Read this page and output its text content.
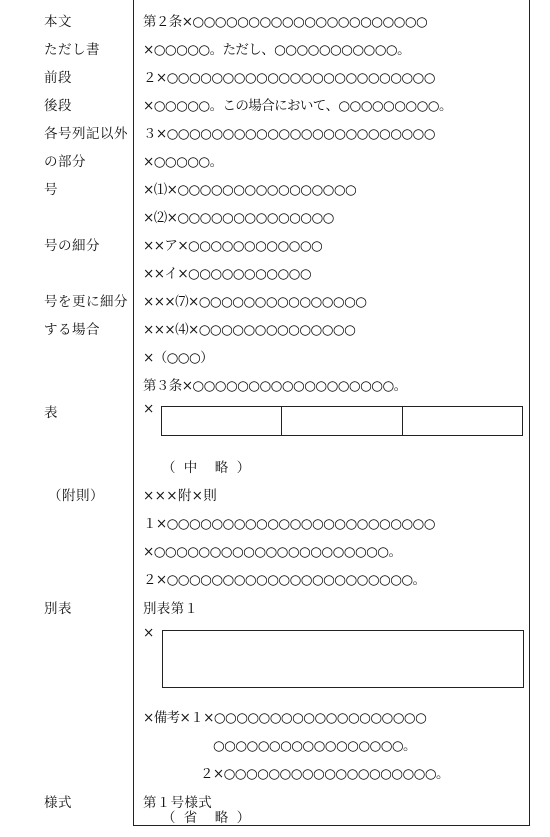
本文
ただし書
前段
後段
各号列記以外
の部分
号
号の細分
号を更に細分
する場合
表
（附則）
別表
様式
第２条×○○○○○○○○○○○○○○○○○○○○○
×○○○○○。ただし、○○○○○○○○○○○。
２×○○○○○○○○○○○○○○○○○○○○○○○○
×○○○○○。この場合において、○○○○○○○○○。
３×○○○○○○○○○○○○○○○○○○○○○○○○
×○○○○○。
×⑴×○○○○○○○○○○○○○○○○
×⑵×○○○○○○○○○○○○○○
××ア×○○○○○○○○○○○○
××イ×○○○○○○○○○○○
×××⑺×○○○○○○○○○○○○○○○
×××⑷×○○○○○○○○○○○○○○
×（○○○）
第３条×○○○○○○○○○○○○○○○○○○。
×
（ 中　略 ）
×××附×則
１×○○○○○○○○○○○○○○○○○○○○○○○○
×○○○○○○○○○○○○○○○○○○○○○。
２×○○○○○○○○○○○○○○○○○○○○○○。
別表第１
×
×備考×１×○○○○○○○○○○○○○○○○○○○
○○○○○○○○○○○○○○○○○。
２×○○○○○○○○○○○○○○○○○○○。
第１号様式
（ 省　略 ）
